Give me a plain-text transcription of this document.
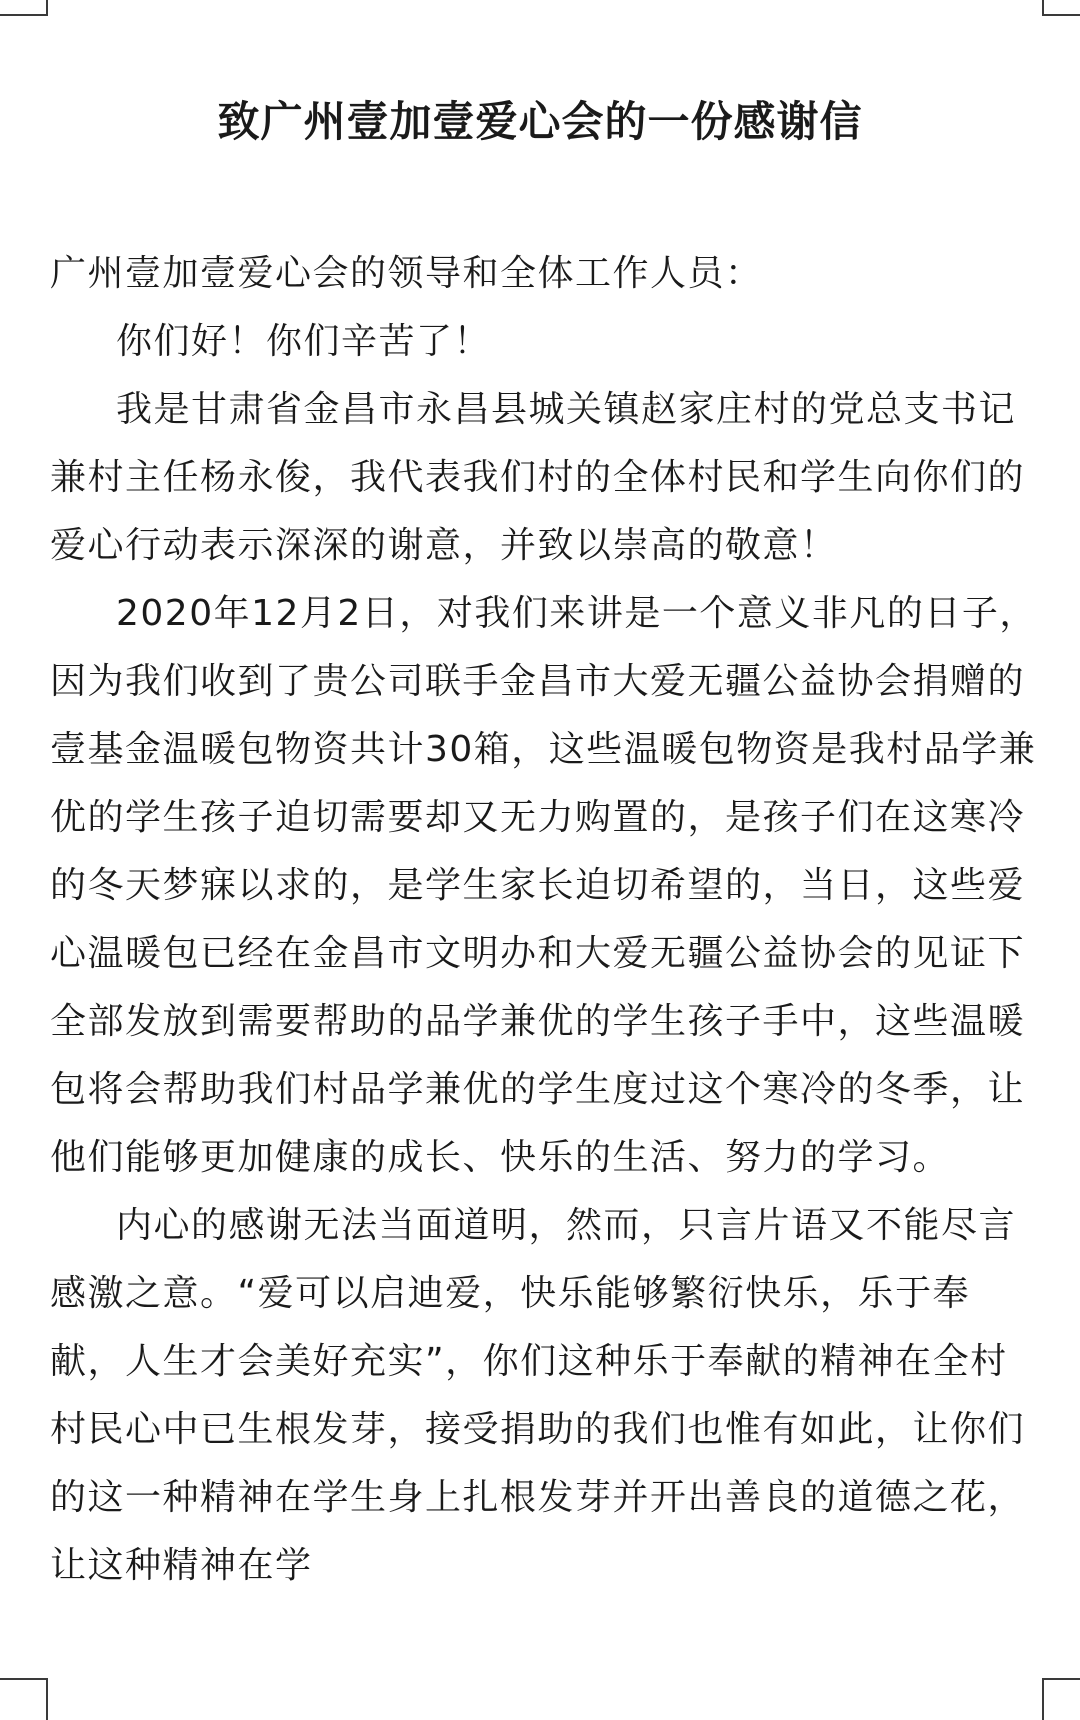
致广州壹加壹爱心会的一份感谢信

广州壹加壹爱心会的领导和全体工作人员：

你们好！你们辛苦了！

我是甘肃省金昌市永昌县城关镇赵家庄村的党总支书记兼村主任杨永俊，我代表我们村的全体村民和学生向你们的爱心行动表示深深的谢意，并致以崇高的敬意！

2020年12月2日，对我们来讲是一个意义非凡的日子，因为我们收到了贵公司联手金昌市大爱无疆公益协会捐赠的壹基金温暖包物资共计30箱，这些温暖包物资是我村品学兼优的学生孩子迫切需要却又无力购置的，是孩子们在这寒冷的冬天梦寐以求的，是学生家长迫切希望的，当日，这些爱心温暖包已经在金昌市文明办和大爱无疆公益协会的见证下全部发放到需要帮助的品学兼优的学生孩子手中，这些温暖包将会帮助我们村品学兼优的学生度过这个寒冷的冬季，让他们能够更加健康的成长、快乐的生活、努力的学习。

内心的感谢无法当面道明，然而，只言片语又不能尽言感激之意。“爱可以启迪爱，快乐能够繁衍快乐，乐于奉献，人生才会美好充实”，你们这种乐于奉献的精神在全村村民心中已生根发芽，接受捐助的我们也惟有如此，让你们的这一种精神在学生身上扎根发芽并开出善良的道德之花，让这种精神在学
